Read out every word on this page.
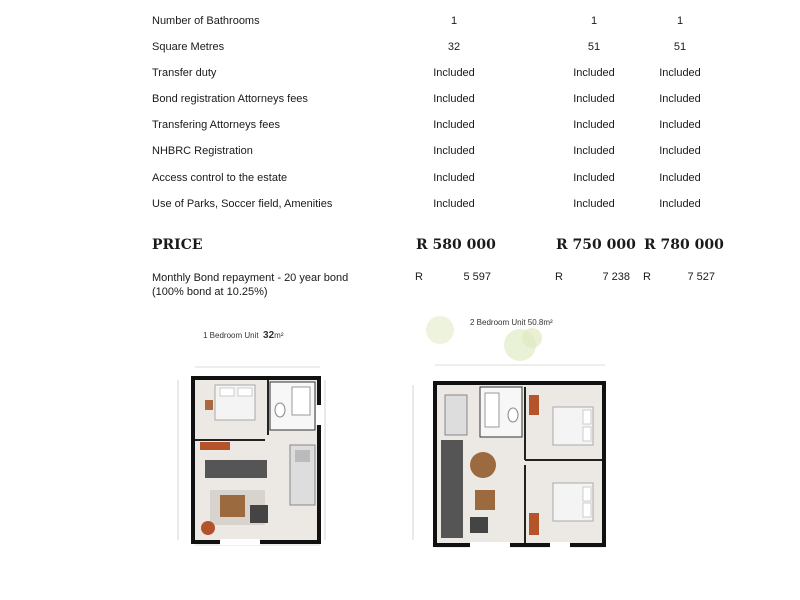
Number of Bathrooms	1	1	1
Square Metres	32	51	51
Transfer duty	Included	Included	Included
Bond registration Attorneys fees	Included	Included	Included
Transfering Attorneys fees	Included	Included	Included
NHBRC Registration	Included	Included	Included
Access control to the estate	Included	Included	Included
Use of Parks, Soccer field, Amenities	Included	Included	Included
PRICE	R 580 000	R 750 000 R 780 000
Monthly Bond repayment - 20 year bond
(100% bond at 10.25%)
R	5 597	R	7 238 R	7 527
1 Bedroom Unit 32m²
2 Bedroom Unit 50.8m²
